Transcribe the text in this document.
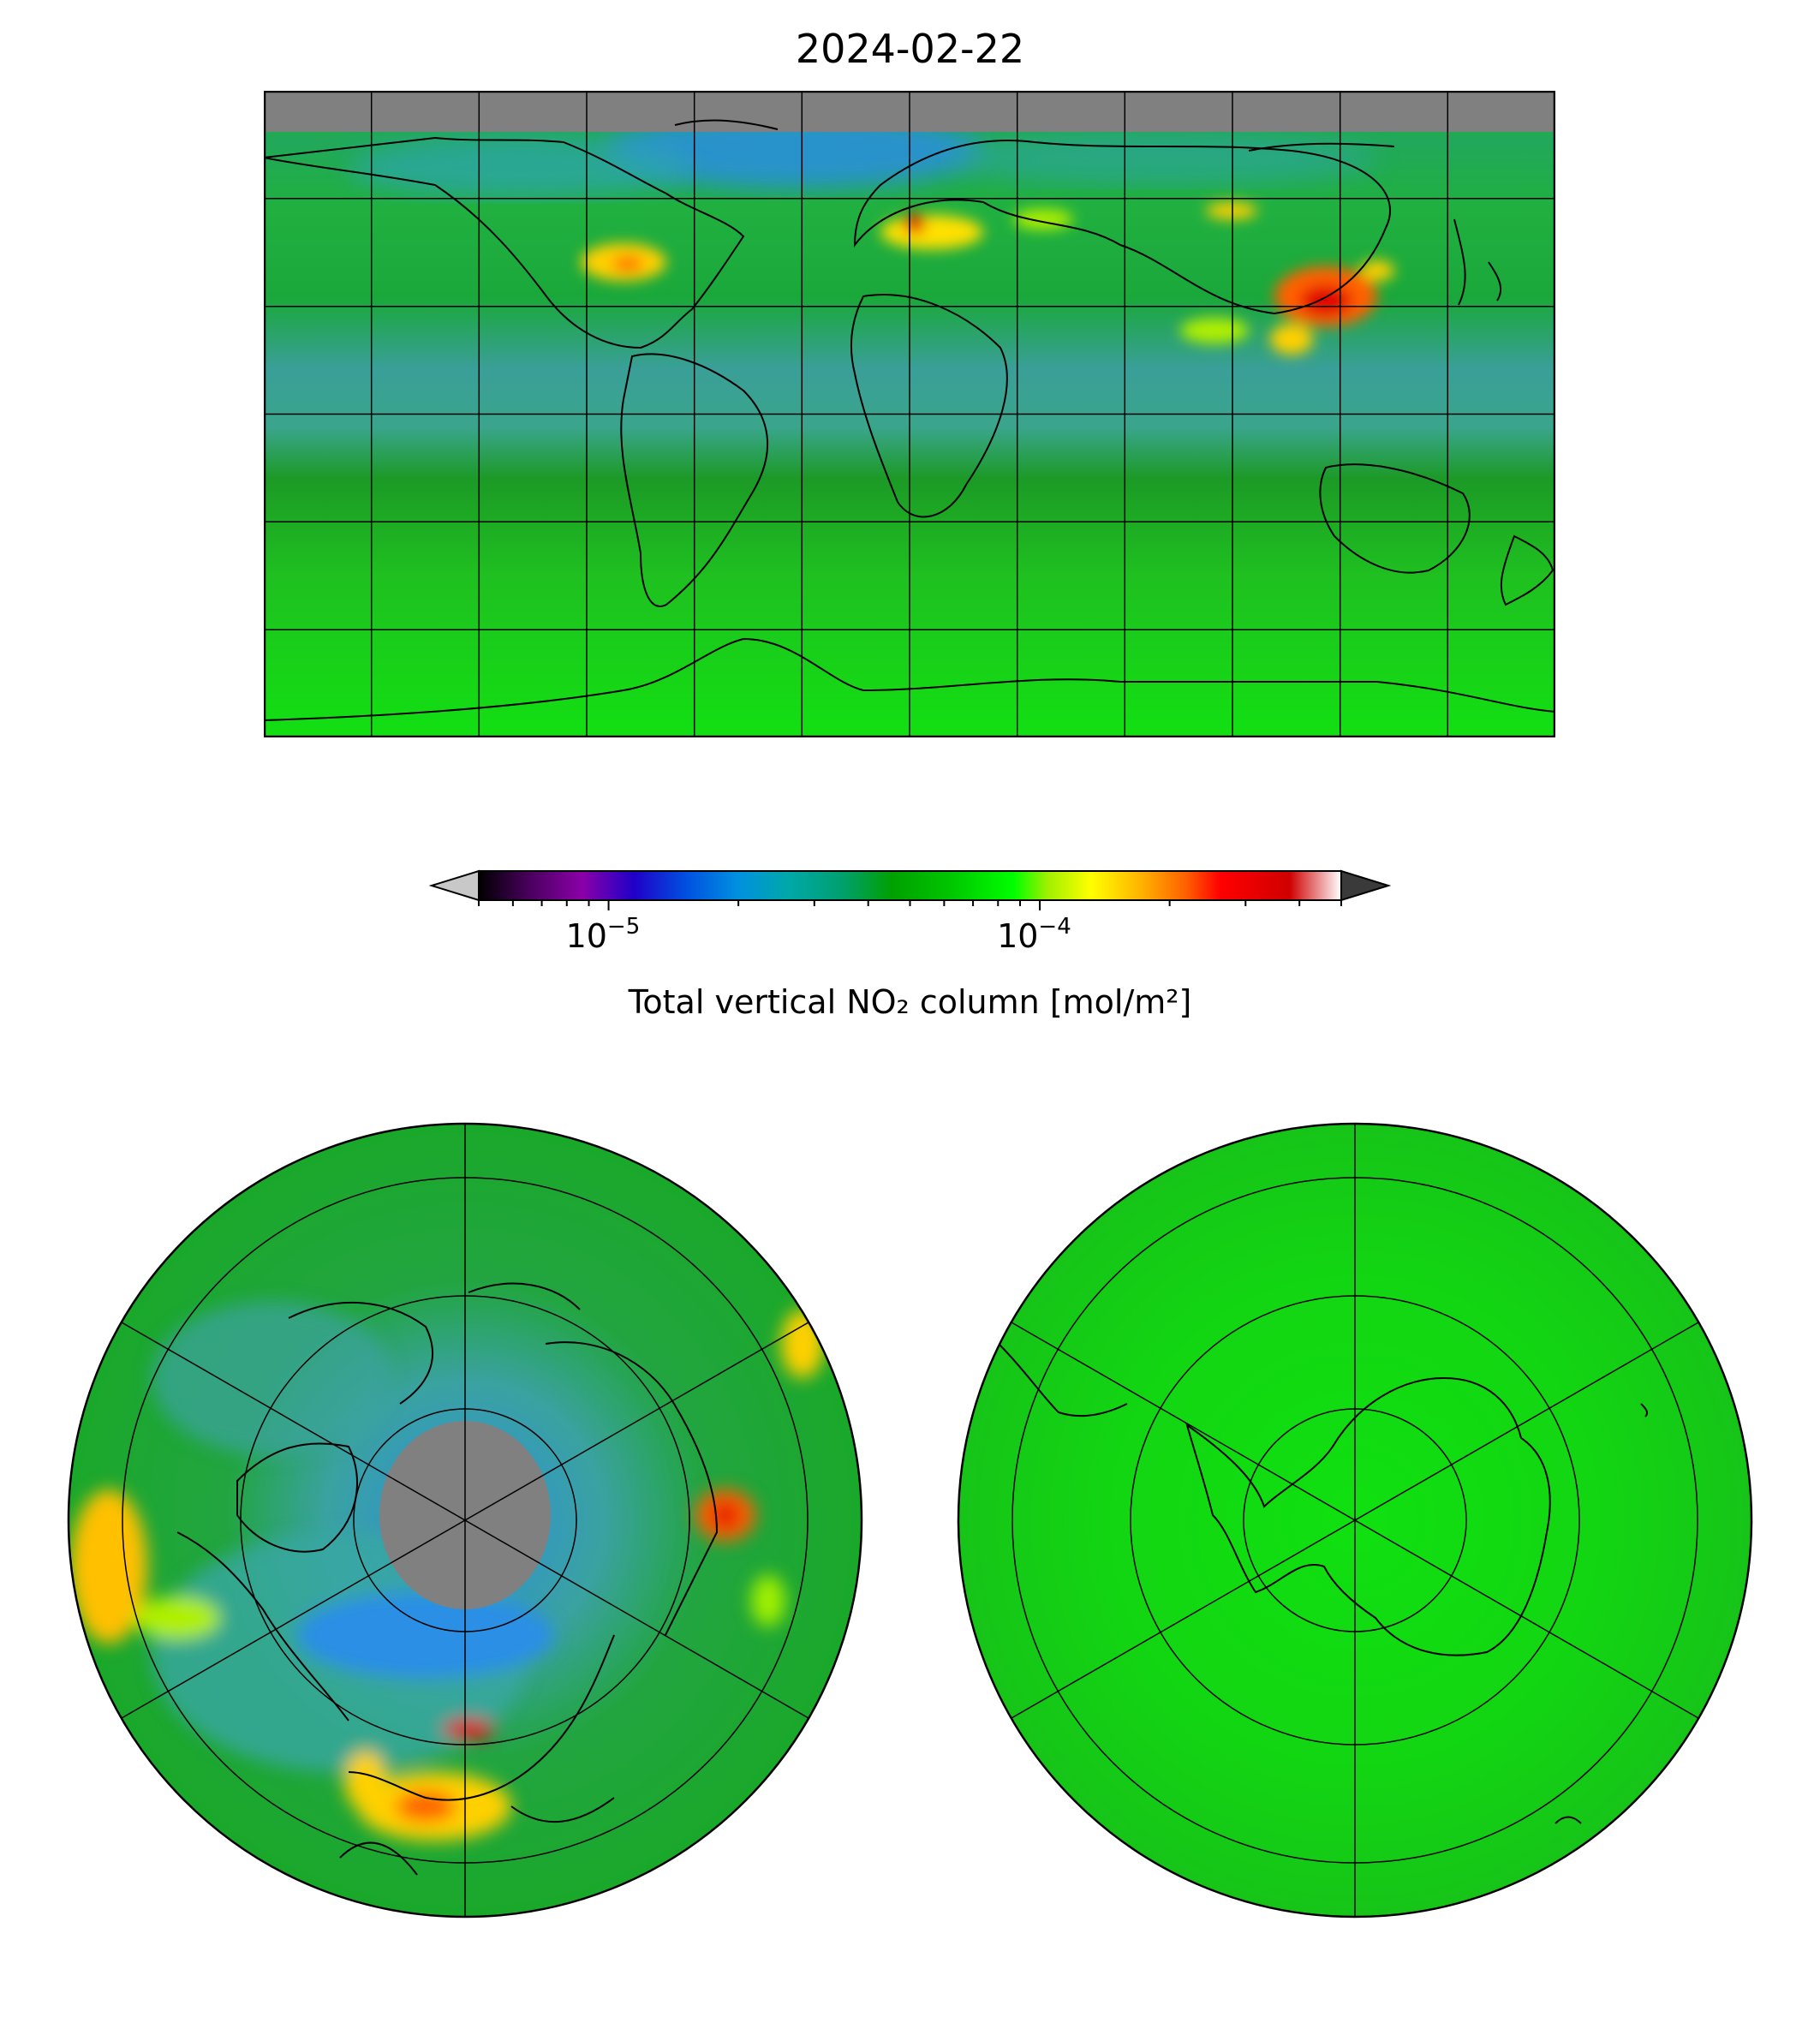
2024-02-22
$10^{-5}$	$10^{-4}$
Total vertical NO₂ column [mol/m²]
